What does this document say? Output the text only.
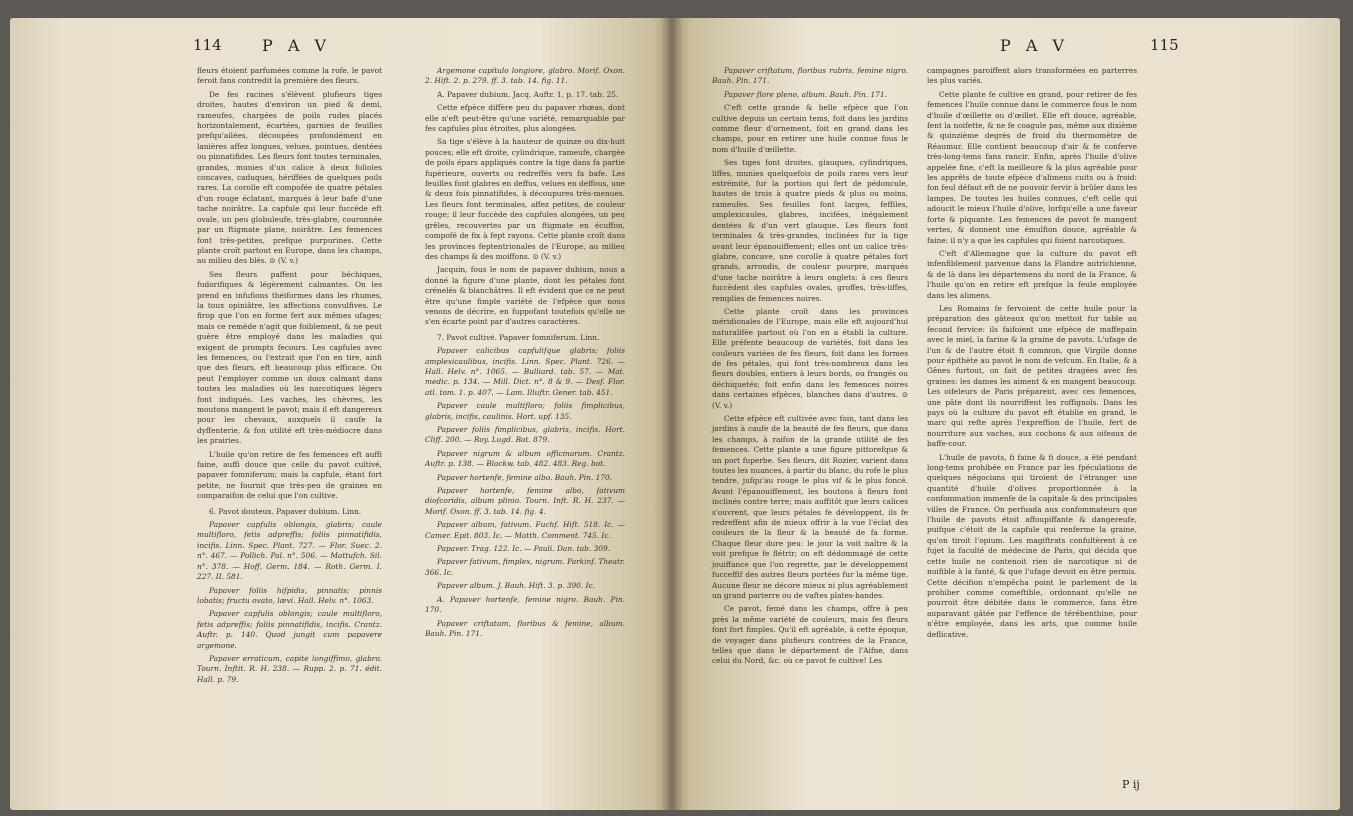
114	P A V

fleurs étoient parfumées comme la rofe, le pavot feroit fans contredit la première des fleurs.

De fes racines s'élèvent plufieurs tiges droites, hautes d'environ un pied & demi, rameufes, chargées de poils rudes placés horizontalement, écartées, garnies de feuilles prefqu'ailées, découpées profondément en lanières affez longues, velues, pointues, dentées ou pinnatifides. Les fleurs font toutes terminales, grandes, munies d'un calice à deux folioles concaves, caduques, hériffées de quelques poils rares. La corolle eft compofée de quatre pétales d'un rouge éclatant, marqués à leur bafe d'une tache noirâtre. La capfule qui leur fuccède eft ovale, un peu globuleufe, très-glabre, couronnée par un ftigmate plane, noirâtre. Les femences font très-petites, prefque purpurines. Cette plante croît partout en Europe, dans les champs, au milieu des blés. ⊙ (V. v.)

Ses fleurs paffent pour béchiques, fudorifiques & légèrement calmantes. On les prend en infufions théiformes dans les rhumes, la toux opiniâtre, les affections convulfives. Le firop que l'on en forme fert aux mêmes ufages; mais ce remède n'agit que foiblement, & ne peut guère être employé dans les maladies qui exigent de prompts fecours. Les capfules avec les femences, ou l'extrait que l'on en tire, ainfi que des fleurs, eft beaucoup plus efficace. On peut l'employer comme un doux calmant dans toutes les maladies où les narcotiques légers font indiqués. Les vaches, les chèvres, les moutons mangent le pavot; mais il eft dangereux pour les chevaux, auxquels il caufe la dyffenterie, & fon utilité eft très-médiocre dans les prairies.

L'huile qu'on retire de fes femences eft auffi faine, auffi douce que celle du pavot cultivé, papaver fomniferum; mais la capfule, étant fort petite, ne fournit que très-peu de graines en comparaifon de celui que l'on cultive.

6. Pavot douteux. Papaver dubium. Linn.

Papaver capfulis oblongis, glabris; caule multifloro, fetis adpreffis; foliis pinnatifidis, incifis. Linn. Spec. Plant. 727. — Flor. Suec. 2. n°. 467. — Pollich. Pal. n°. 506. — Mattufch. Sil. n°. 378. — Hoff. Germ. 184. — Roth. Germ. I. 227. II. 581.

Papaver foliis hifpidis, pinnatis; pinnis lobatis; fructu ovato, lævi. Hall. Helv. n°. 1063.

Papaver capfulis oblongis; caule multifloro, fetis adpreffis; foliis pinnatifidis, incifis. Crantz. Auftr. p. 140. Quod jungit cum papavere argemone.

Papaver erraticum, capite longiffimo, glabro. Tourn. Inftit. R. H. 238. — Rupp. 2. p. 71. édit. Hall. p. 79.

Argemone capitulo longiore, glabro. Morif. Oxon. 2. Hift. 2. p. 279. ff. 3. tab. 14. fig. 11.

A. Papaver dubium. Jacq. Auftr. 1. p. 17. tab. 25.

Cette efpèce diffère peu du papaver rhœas, dont elle n'eft peut-être qu'une variété, remarquable par fes capfules plus étroites, plus alongées.

Sa tige s'élève à la hauteur de quinze ou dix-huit pouces; elle eft droite, cylindrique, rameufe, chargée de poils épars appliqués contre la tige dans fa partie fupérieure, ouverts ou redreffés vers fa bafe. Les feuilles font glabres en deffus, velues en deffous, une & deux fois pinnatifides, à découpures très-menues. Les fleurs font terminales, affez petites, de couleur rouge; il leur fuccède des capfules alongées, un peu grêles, recouvertes par un ftigmate en écuffon, compofé de fix à fept rayons. Cette plante croît dans les provinces feptentrionales de l'Europe, au milieu des champs & des moiffons. ⊙ (V. v.)

Jacquin, fous le nom de papaver dubium, nous a donné la figure d'une plante, dont les pétales font crénelés & blanchâtres. Il eft évident que ce ne peut être qu'une fimple variété de l'efpèce que nous venons de décrire, en fuppofant toutefois qu'elle ne s'en écarte point par d'autres caractères.

7. Pavot cultivé. Papaver fomniferum. Linn.

Papaver calicibus capfulifque glabris; foliis amplexicaulibus, incifis. Linn. Spec. Plant. 726. — Hall. Helv. n°. 1065. — Bulliard. tab. 57. — Mat. medic. p. 134. — Mill. Dict. n°. 8 & 9. — Desf. Flor. atl. tom. 1. p. 407. — Lam. Illuftr. Gener. tab. 451.

Papaver caule multifloro; foliis fimplicibus, glabris, incifis, caulinis. Hort. upf. 135.

Papaver foliis fimplicibus, glabris, incifis. Hort. Cliff. 200. — Roy. Lugd. Bat. 879.

Papaver nigrum & album officinarum. Crantz. Auftr. p. 138. — Blackw. tab. 482. 483. Reg. bot.

Papaver hortenfe, femine albo. Bauh. Pin. 170.

Papaver hortenfe, femine albo, fativum diofcoridis, album plinio. Tourn. Inft. R. H. 237. — Morif. Oxon. ff. 3. tab. 14. fig. 4.

Papaver album, fativum. Fuchf. Hift. 518. Ic. — Camer. Epit. 803. Ic. — Matth. Comment. 745. Ic.

Papaver. Trag. 122. Ic. — Pauli. Dan. tab. 309.

Papaver fativum, fimplex, nigrum. Parkinf. Theatr. 366. Ic.

Papaver album. J. Bauh. Hift. 3. p. 390. Ic.

A. Papaver hortenfe, femine nigro. Bauh. Pin. 170.

Papaver criftatum, floribus & femine, album. Bauh. Pin. 171.

P A V	115

Papaver criftatum, floribus rubris, femine nigro. Bauh. Pin. 171.

Papaver flore pleno, album. Bauh. Pin. 171.

C'eft cette grande & belle efpèce que l'on cultive depuis un certain tems, foit dans les jardins comme fleur d'ornement, foit en grand dans les champs, pour en retirer une huile connue fous le nom d'huile d'œillette.

Ses tiges font droites, glauques, cylindriques, liffes, munies quelquefois de poils rares vers leur extrémité, fur la portion qui fert de pédoncule, hautes de trois à quatre pieds & plus ou moins, rameufes. Ses feuilles font larges, feffiles, amplexicaules, glabres, incifées, inégalement dentées & d'un vert glauque. Les fleurs font terminales & très-grandes, inclinées fur la tige avant leur épanouiffement; elles ont un calice très-glabre, concave, une corolle à quatre pétales fort grands, arrondis, de couleur pourpre, marqués d'une tache noirâtre à leurs onglets: à ces fleurs fuccèdent des capfules ovales, groffes, très-liffes, remplies de femences noires.

Cette plante croît dans les provinces méridionales de l'Europe, mais elle eft aujourd'hui naturalifée partout où l'on en a établi la culture. Elle préfente beaucoup de variétés, foit dans les couleurs variées de fes fleurs, foit dans les formes de fes pétales, qui font très-nombreux dans les fleurs doubles, entiers à leurs bords, ou frangés ou déchiquetés; foit enfin dans les femences noires dans certaines efpèces, blanches dans d'autres. ⊙ (V. v.)

Cette efpèce eft cultivée avec foin, tant dans les jardins à caufe de la beauté de fes fleurs, que dans les champs, à raifon de la grande utilité de fes femences. Cette plante a une figure pittorefque & un port fuperbe. Ses fleurs, dit Rozier, varient dans toutes les nuances, à partir du blanc, du rofe le plus tendre, jufqu'au rouge le plus vif & le plus foncé. Avant l'épanouiffement, les boutons à fleurs font inclinés contre terre; mais auffitôt que leurs calices s'ouvrent, que leurs pétales fe développent, ils fe redreffent afin de mieux offrir à la vue l'éclat des couleurs de la fleur & la beauté de fa forme. Chaque fleur dure peu: le jour la voit naître & la voit prefque fe flétrir; on eft dédommagé de cette jouiffance que l'on regrette, par le développement fucceffif des autres fleurs portées fur la même tige. Aucune fleur ne décore mieux ni plus agréablement un grand parterre ou de vaftes plates-bandes.

Ce pavot, femé dans les champs, offre à peu près la même variété de couleurs, mais fes fleurs font fort fimples. Qu'il eft agréable, à cette époque, de voyager dans plufieurs contrées de la France, telles que dans le département de l'Aifne, dans celui du Nord, &c. où ce pavot fe cultive! Les

campagnes paroiffent alors transformées en parterres les plus variés.

Cette plante fe cultive en grand, pour retirer de fes femences l'huile connue dans le commerce fous le nom d'huile d'œillette ou d'œillet. Elle eft douce, agréable, fent la noifette, & ne fe coagule pas, même aux dixième & quinzième degrés de froid du thermomètre de Réaumur. Elle contient beaucoup d'air & fe conferve très-long-tems fans rancir. Enfin, après l'huile d'olive appelée fine, c'eft la meilleure & la plus agréable pour les apprêts de toute efpèce d'alimens cuits ou à froid: fon feul défaut eft de ne pouvoir fervir à brûler dans les lampes. De toutes les huiles connues, c'eft celle qui adoucit le mieux l'huile d'olive, lorfqu'elle a une faveur forte & piquante. Les femences de pavot fe mangent vertes, & donnent une émulfion douce, agréable & faine: il n'y a que les capfules qui foient narcotiques.

C'eft d'Allemagne que la culture du pavot eft infenfiblement parvenue dans la Flandre autrichienne, & de là dans les départemens du nord de la France, & l'huile qu'on en retire eft prefque la feule employée dans les alimens.

Les Romains fe fervoient de cette huile pour la préparation des gâteaux qu'on mettoit fur table au fecond fervice: ils faifoient une efpèce de maffepain avec le miel, la farine & la graine de pavots. L'ufage de l'un & de l'autre étoit fi commun, que Virgile donne pour épithète au pavot le nom de vefcum. En Italie, & à Gênes furtout, on fait de petites dragées avec fes graines: les dames les aiment & en mangent beaucoup. Les oifeleurs de Paris préparent, avec ces femences, une pâte dont ils nourriffent les roffignols. Dans les pays où la culture du pavot eft établie en grand, le marc qui refte après l'expreffion de l'huile, fert de nourriture aux vaches, aux cochons & aux oifeaux de baffe-cour.

L'huile de pavots, fi faine & fi douce, a été pendant long-tems prohibée en France par les fpéculations de quelques négocians qui tiroient de l'étranger une quantité d'huile d'olives proportionnée à la confommation immenfe de la capitale & des principales villes de France. On perfuada aux confommateurs que l'huile de pavots étoit affoupiffante & dangereufe, puifque c'étoit de la capfule qui renferme la graine, qu'on tiroit l'opium. Les magiftrats confultèrent à ce fujet la faculté de médecine de Paris, qui décida que cette huile ne contenoit rien de narcotique ni de nuifible à la fanté, & que l'ufage devoit en être permis. Cette décifion n'empêcha point le parlement de la prohiber comme comeftible, ordonnant qu'elle ne pourroit être débitée dans le commerce, fans être auparavant gâtée par l'effence de térébenthine, pour n'être employée, dans les arts, que comme huile deflicative.

P ij
